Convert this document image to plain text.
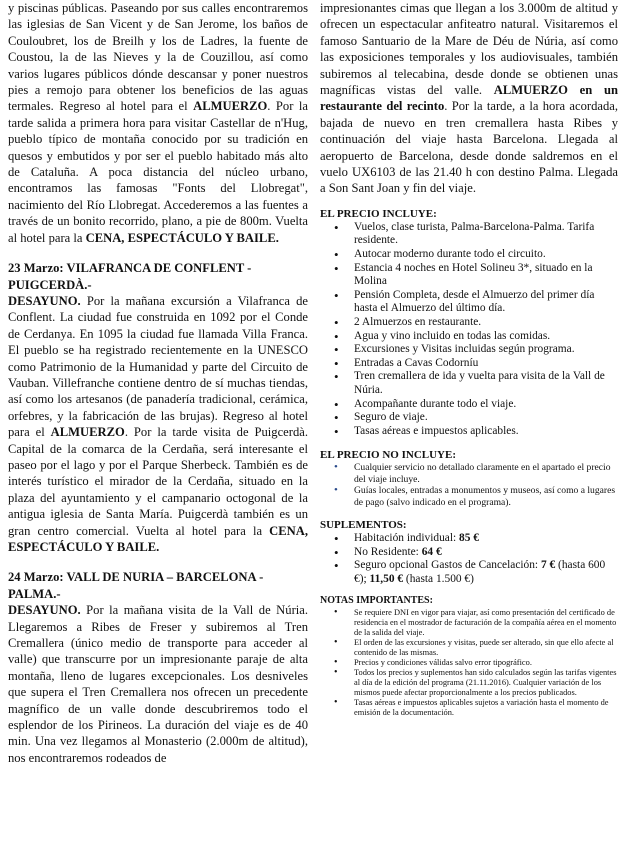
y piscinas públicas. Paseando por sus calles encontraremos las iglesias de San Vicent y de San Jerome, los baños de Couloubret, los de Breilh y los de Ladres, la fuente de Coustou, la de las Nieves y la de Couzillou, así como varios lugares públicos dónde descansar y poner nuestros pies a remojo para obtener los beneficios de las aguas termales. Regreso al hotel para el ALMUERZO. Por la tarde salida a primera hora para visitar Castellar de n'Hug, pueblo típico de montaña conocido por su tradición en quesos y embutidos y por ser el pueblo habitado más alto de Cataluña. A poca distancia del núcleo urbano, encontramos las famosas "Fonts del Llobregat", nacimiento del Río Llobregat. Accederemos a las fuentes a través de un bonito recorrido, plano, a pie de 800m. Vuelta al hotel para la CENA, ESPECTÁCULO Y BAILE.

23 Marzo: VILAFRANCA DE CONFLENT - PUIGCERDÀ.-

DESAYUNO. Por la mañana excursión a Vilafranca de Conflent. La ciudad fue construida en 1092 por el Conde de Cerdanya. En 1095 la ciudad fue llamada Villa Franca. El pueblo se ha registrado recientemente en la UNESCO como Patrimonio de la Humanidad y parte del Circuito de Vauban. Villefranche contiene dentro de sí muchas tiendas, así como los artesanos (de panadería tradicional, cerámica, orfebres, y la fabricación de las brujas). Regreso al hotel para el ALMUERZO. Por la tarde visita de Puigcerdà. Capital de la comarca de la Cerdaña, será interesante el paseo por el lago y por el Parque Sherbeck. También es de interés turístico el mirador de la Cerdaña, situado en la plaza del ayuntamiento y el campanario octogonal de la antigua iglesia de Santa María. Puigcerdà también es un gran centro comercial. Vuelta al hotel para la CENA, ESPECTÁCULO Y BAILE.

24 Marzo: VALL DE NURIA – BARCELONA - PALMA.-

DESAYUNO. Por la mañana visita de la Vall de Núria. Llegaremos a Ribes de Freser y subiremos al Tren Cremallera (único medio de transporte para acceder al valle) que transcurre por un impresionante paraje de alta montaña, lleno de lugares excepcionales. Los desniveles que supera el Tren Cremallera nos ofrecen un precedente magnífico de un valle donde descubriremos todo el esplendor de los Pirineos. La duración del viaje es de 40 min. Una vez llegamos al Monasterio (2.000m de altitud), nos encontraremos rodeados de

impresionantes cimas que llegan a los 3.000m de altitud y ofrecen un espectacular anfiteatro natural. Visitaremos el famoso Santuario de la Mare de Déu de Núria, así como las exposiciones temporales y los audiovisuales, también subiremos al telecabina, desde donde se obtienen unas magníficas vistas del valle. ALMUERZO en un restaurante del recinto. Por la tarde, a la hora acordada, bajada de nuevo en tren cremallera hasta Ribes y continuación del viaje hasta Barcelona. Llegada al aeropuerto de Barcelona, desde donde saldremos en el vuelo UX6103 de las 21.40 h con destino Palma. Llegada a Son Sant Joan y fin del viaje.

EL PRECIO INCLUYE:

• Vuelos, clase turista, Palma-Barcelona-Palma. Tarifa residente.
• Autocar moderno durante todo el circuito.
• Estancia 4 noches en Hotel Solineu 3*, situado en la Molina
• Pensión Completa, desde el Almuerzo del primer día hasta el Almuerzo del último día.
• 2 Almuerzos en restaurante.
• Agua y vino incluido en todas las comidas.
• Excursiones y Visitas incluidas según programa.
• Entradas a Cavas Codorníu
• Tren cremallera de ida y vuelta para visita de la Vall de Núria.
• Acompañante durante todo el viaje.
• Seguro de viaje.
• Tasas aéreas e impuestos aplicables.

EL PRECIO NO INCLUYE:

• Cualquier servicio no detallado claramente en el apartado el precio del viaje incluye.
• Guías locales, entradas a monumentos y museos, así como a lugares de pago (salvo indicado en el programa).

SUPLEMENTOS:

• Habitación individual: 85 €
• No Residente: 64 €
• Seguro opcional Gastos de Cancelación: 7 € (hasta 600 €); 11,50 € (hasta 1.500 €)

NOTAS IMPORTANTES:

• Se requiere DNI en vigor para viajar, así como presentación del certificado de residencia en el mostrador de facturación de la compañía aérea en el momento de la salida del viaje.
• El orden de las excursiones y visitas, puede ser alterado, sin que ello afecte al contenido de las mismas.
• Precios y condiciones válidas salvo error tipográfico.
• Todos los precios y suplementos han sido calculados según las tarifas vigentes al día de la edición del programa (21.11.2016). Cualquier variación de los mismos puede afectar proporcionalmente a los precios publicados.
• Tasas aéreas e impuestos aplicables sujetos a variación hasta el momento de emisión de la documentación.
